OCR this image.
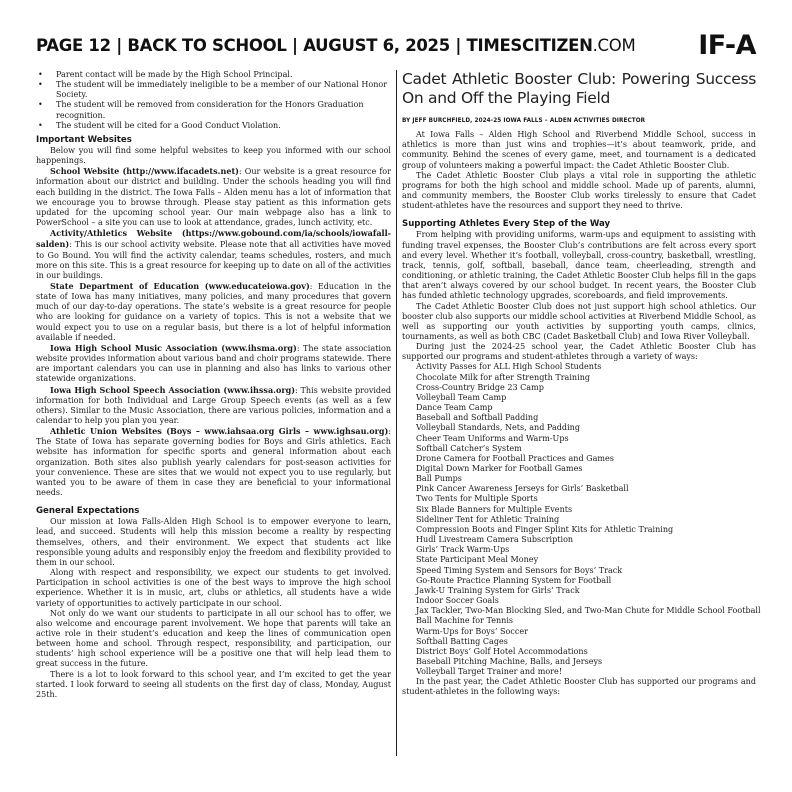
PAGE 12 | BACK TO SCHOOL | AUGUST 6, 2025 | TIMESCITIZEN.COM IF-A
• Parent contact will be made by the High School Principal.
• The student will be immediately ineligible to be a member of our National Honor Society.
• The student will be removed from consideration for the Honors Graduation recognition.
• The student will be cited for a Good Conduct Violation.
Important Websites

Below you will find some helpful websites to keep you informed with our school happenings.

School Website (http://www.ifacadets.net): Our website is a great resource for information about our district and building. Under the schools heading you will find each building in the district. The Iowa Falls – Alden menu has a lot of information that we encourage you to browse through. Please stay patient as this information gets updated for the upcoming school year. Our main webpage also has a link to PowerSchool – a site you can use to look at attendance, grades, lunch activity, etc.

Activity/Athletics Website (https://www.gobound.com/ia/schools/iowafall-salden): This is our school activity website. Please note that all activities have moved to Go Bound. You will find the activity calendar, teams schedules, rosters, and much more on this site. This is a great resource for keeping up to date on all of the activities in our buildings.

State Department of Education (www.educateiowa.gov): Education in the state of Iowa has many initiatives, many policies, and many procedures that govern much of our day-to-day operations. The state’s website is a great resource for people who are looking for guidance on a variety of topics. This is not a website that we would expect you to use on a regular basis, but there is a lot of helpful information available if needed.

Iowa High School Music Association (www.ihsma.org): The state association website provides information about various band and choir programs statewide. There are important calendars you can use in planning and also has links to various other statewide organizations.

Iowa High School Speech Association (www.ihssa.org): This website provided information for both Individual and Large Group Speech events (as well as a few others). Similar to the Music Association, there are various policies, information and a calendar to help you plan you year.

Athletic Union Websites (Boys – www.iahsaa.org Girls – www.ighsau.org): The State of Iowa has separate governing bodies for Boys and Girls athletics. Each website has information for specific sports and general information about each organization. Both sites also publish yearly calendars for post-season activities for your convenience. These are sites that we would not expect you to use regularly, but wanted you to be aware of them in case they are beneficial to your informational needs.

General Expectations

Our mission at Iowa Falls-Alden High School is to empower everyone to learn, lead, and succeed. Students will help this mission become a reality by respecting themselves, others, and their environment. We expect that students act like responsible young adults and responsibly enjoy the freedom and flexibility provided to them in our school.

Along with respect and responsibility, we expect our students to get involved. Participation in school activities is one of the best ways to improve the high school experience. Whether it is in music, art, clubs or athletics, all students have a wide variety of opportunities to actively participate in our school.

Not only do we want our students to participate in all our school has to offer, we also welcome and encourage parent involvement. We hope that parents will take an active role in their student’s education and keep the lines of communication open between home and school. Through respect, responsibility, and participation, our students’ high school experience will be a positive one that will help lead them to great success in the future.

There is a lot to look forward to this school year, and I’m excited to get the year started. I look forward to seeing all students on the first day of class, Monday, August 25th.

Cadet Athletic Booster Club: Powering Success On and Off the Playing Field
BY JEFF BURCHFIELD, 2024-25 IOWA FALLS – ALDEN ACTIVITIES DIRECTOR

At Iowa Falls – Alden High School and Riverbend Middle School, success in athletics is more than just wins and trophies—it’s about teamwork, pride, and community. Behind the scenes of every game, meet, and tournament is a dedicated group of volunteers making a powerful impact: the Cadet Athletic Booster Club.

The Cadet Athletic Booster Club plays a vital role in supporting the athletic programs for both the high school and middle school. Made up of parents, alumni, and community members, the Booster Club works tirelessly to ensure that Cadet student-athletes have the resources and support they need to thrive.

Supporting Athletes Every Step of the Way

From helping with providing uniforms, warm-ups and equipment to assisting with funding travel expenses, the Booster Club’s contributions are felt across every sport and every level. Whether it’s football, volleyball, cross-country, basketball, wrestling, track, tennis, golf, softball, baseball, dance team, cheerleading, strength and conditioning, or athletic training, the Cadet Athletic Booster Club helps fill in the gaps that aren’t always covered by our school budget. In recent years, the Booster Club has funded athletic technology upgrades, scoreboards, and field improvements.

The Cadet Athletic Booster Club does not just support high school athletics. Our booster club also supports our middle school activities at Riverbend Middle School, as well as supporting our youth activities by supporting youth camps, clinics, tournaments, as well as both CBC (Cadet Basketball Club) and Iowa River Volleyball.

During just the 2024-25 school year, the Cadet Athletic Booster Club has supported our programs and student-athletes through a variety of ways:

Activity Passes for ALL High School Students
Chocolate Milk for after Strength Training
Cross-Country Bridge 23 Camp
Volleyball Team Camp
Dance Team Camp
Baseball and Softball Padding
Volleyball Standards, Nets, and Padding
Cheer Team Uniforms and Warm-Ups
Softball Catcher’s System
Drone Camera for Football Practices and Games
Digital Down Marker for Football Games
Ball Pumps
Pink Cancer Awareness Jerseys for Girls’ Basketball
Two Tents for Multiple Sports
Six Blade Banners for Multiple Events
Sideliner Tent for Athletic Training
Compression Boots and Finger Splint Kits for Athletic Training
Hudl Livestream Camera Subscription
Girls’ Track Warm-Ups
State Participant Meal Money
Speed Timing System and Sensors for Boys’ Track
Go-Route Practice Planning System for Football
Jawk-U Training System for Girls’ Track
Indoor Soccer Goals
Jax Tackler, Two-Man Blocking Sled, and Two-Man Chute for Middle School Football
Ball Machine for Tennis
Warm-Ups for Boys’ Soccer
Softball Batting Cages
District Boys’ Golf Hotel Accommodations
Baseball Pitching Machine, Balls, and Jerseys
Volleyball Target Trainer and more!

In the past year, the Cadet Athletic Booster Club has supported our programs and student-athletes in the following ways:
